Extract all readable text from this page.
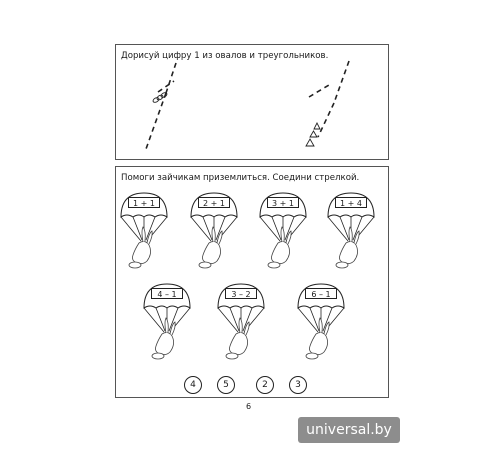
Дорисуй цифру 1 из овалов и треугольников.
Помоги зайчикам приземлиться. Соедини стрелкой.
1 + 1	2 + 1	3 + 1	1 + 4
4 – 1	3 – 2	6 – 1
4	5	2	3
6
universal.by
